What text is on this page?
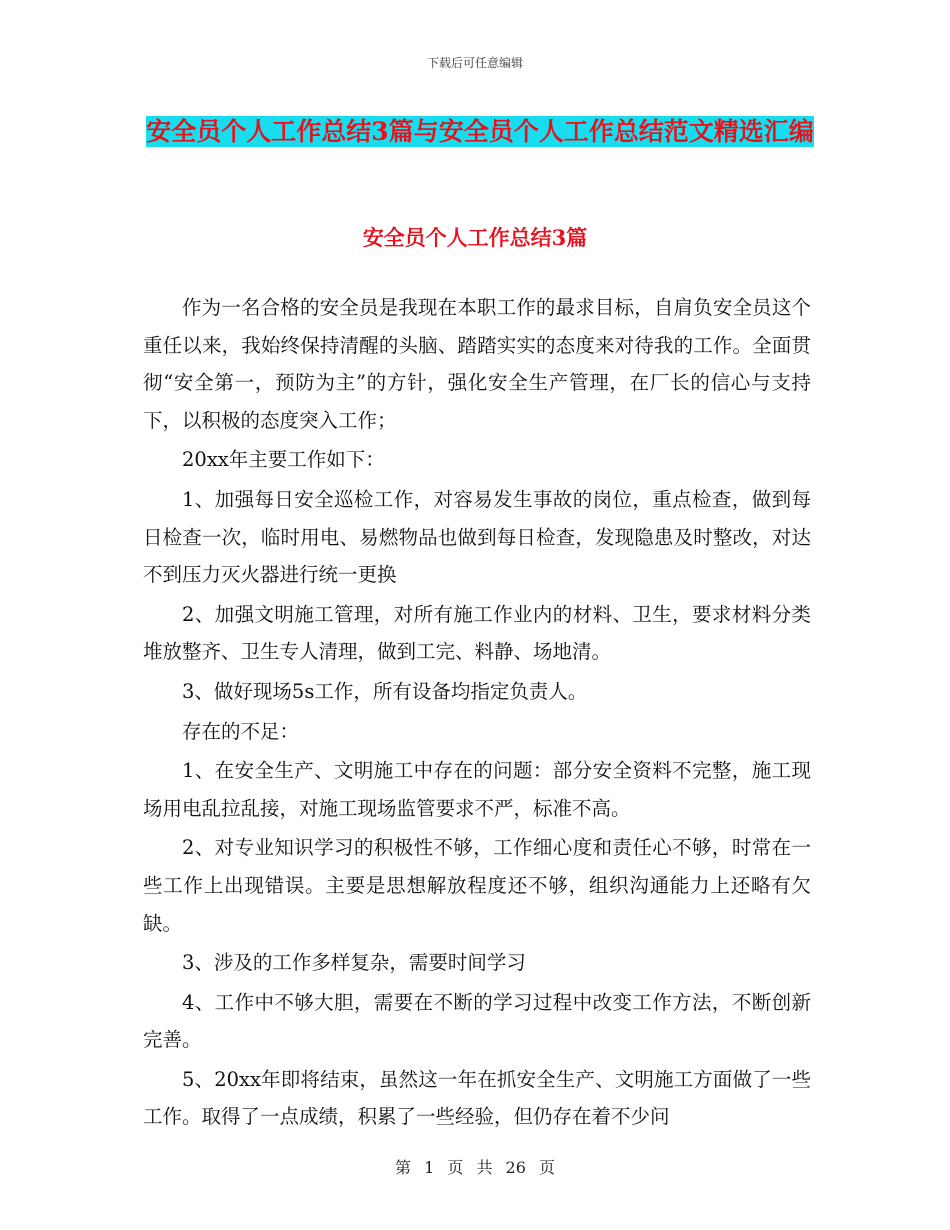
下载后可任意编辑
安全员个人工作总结3篇与安全员个人工作总结范文精选汇编
安全员个人工作总结3篇

作为一名合格的安全员是我现在本职工作的最求目标，自肩负安全员这个重任以来，我始终保持清醒的头脑、踏踏实实的态度来对待我的工作。全面贯彻“安全第一，预防为主”的方针，强化安全生产管理，在厂长的信心与支持下，以积极的态度突入工作；

20xx年主要工作如下：

1、加强每日安全巡检工作，对容易发生事故的岗位，重点检查，做到每日检查一次，临时用电、易燃物品也做到每日检查，发现隐患及时整改，对达不到压力灭火器进行统一更换

2、加强文明施工管理，对所有施工作业内的材料、卫生，要求材料分类堆放整齐、卫生专人清理，做到工完、料静、场地清。

3、做好现场5s工作，所有设备均指定负责人。

存在的不足：

1、在安全生产、文明施工中存在的问题：部分安全资料不完整，施工现场用电乱拉乱接，对施工现场监管要求不严，标准不高。

2、对专业知识学习的积极性不够，工作细心度和责任心不够，时常在一些工作上出现错误。主要是思想解放程度还不够，组织沟通能力上还略有欠缺。

3、涉及的工作多样复杂，需要时间学习

4、工作中不够大胆，需要在不断的学习过程中改变工作方法，不断创新完善。

5、20xx年即将结束，虽然这一年在抓安全生产、文明施工方面做了一些工作。取得了一点成绩，积累了一些经验，但仍存在着不少问

第 1 页 共 26 页
